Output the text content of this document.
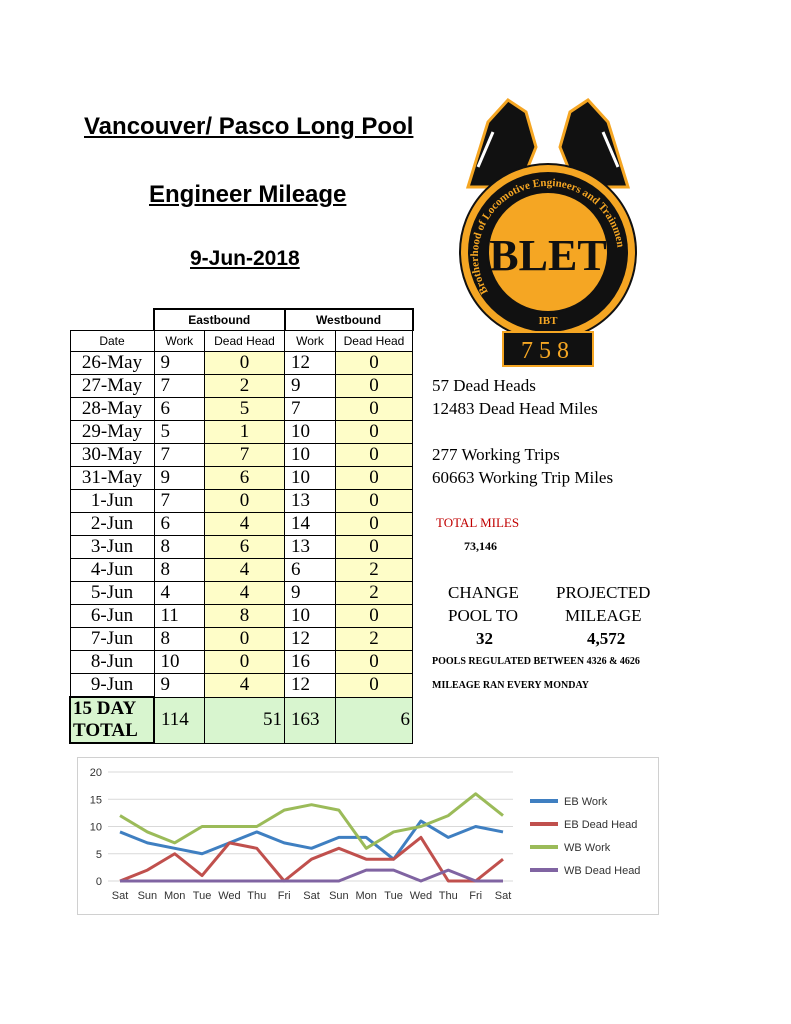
Vancouver/ Pasco Long Pool
Engineer Mileage
9-Jun-2018
	Eastbound		Westbound	
Date	Work	Dead Head	Work	Dead Head
26-May	9	0	12	0
27-May	7	2	9	0
28-May	6	5	7	0
29-May	5	1	10	0
30-May	7	7	10	0
31-May	9	6	10	0
1-Jun	7	0	13	0
2-Jun	6	4	14	0
3-Jun	8	6	13	0
4-Jun	8	4	6	2
5-Jun	4	4	9	2
6-Jun	11	8	10	0
7-Jun	8	0	12	2
8-Jun	10	0	16	0
9-Jun	9	4	12	0

15 DAY
TOTAL	114	51	163	6
Brotherhood of Locomotive Engineers and Trainmen
BLET
IBT
758
57 Dead Heads
12483 Dead Head Miles
277 Working Trips
60663 Working Trip Miles
TOTAL MILES
73,146
CHANGE
POOL TO
32
PROJECTED
MILEAGE
4,572
POOLS REGULATED BETWEEN 4326 & 4626
MILEAGE RAN EVERY MONDAY
0
5
10
15
20
Sat Sun Mon Tue Wed Thu Fri Sat Sun Mon Tue Wed Thu Fri Sat
EB Work
EB Dead Head
WB Work
WB Dead Head
